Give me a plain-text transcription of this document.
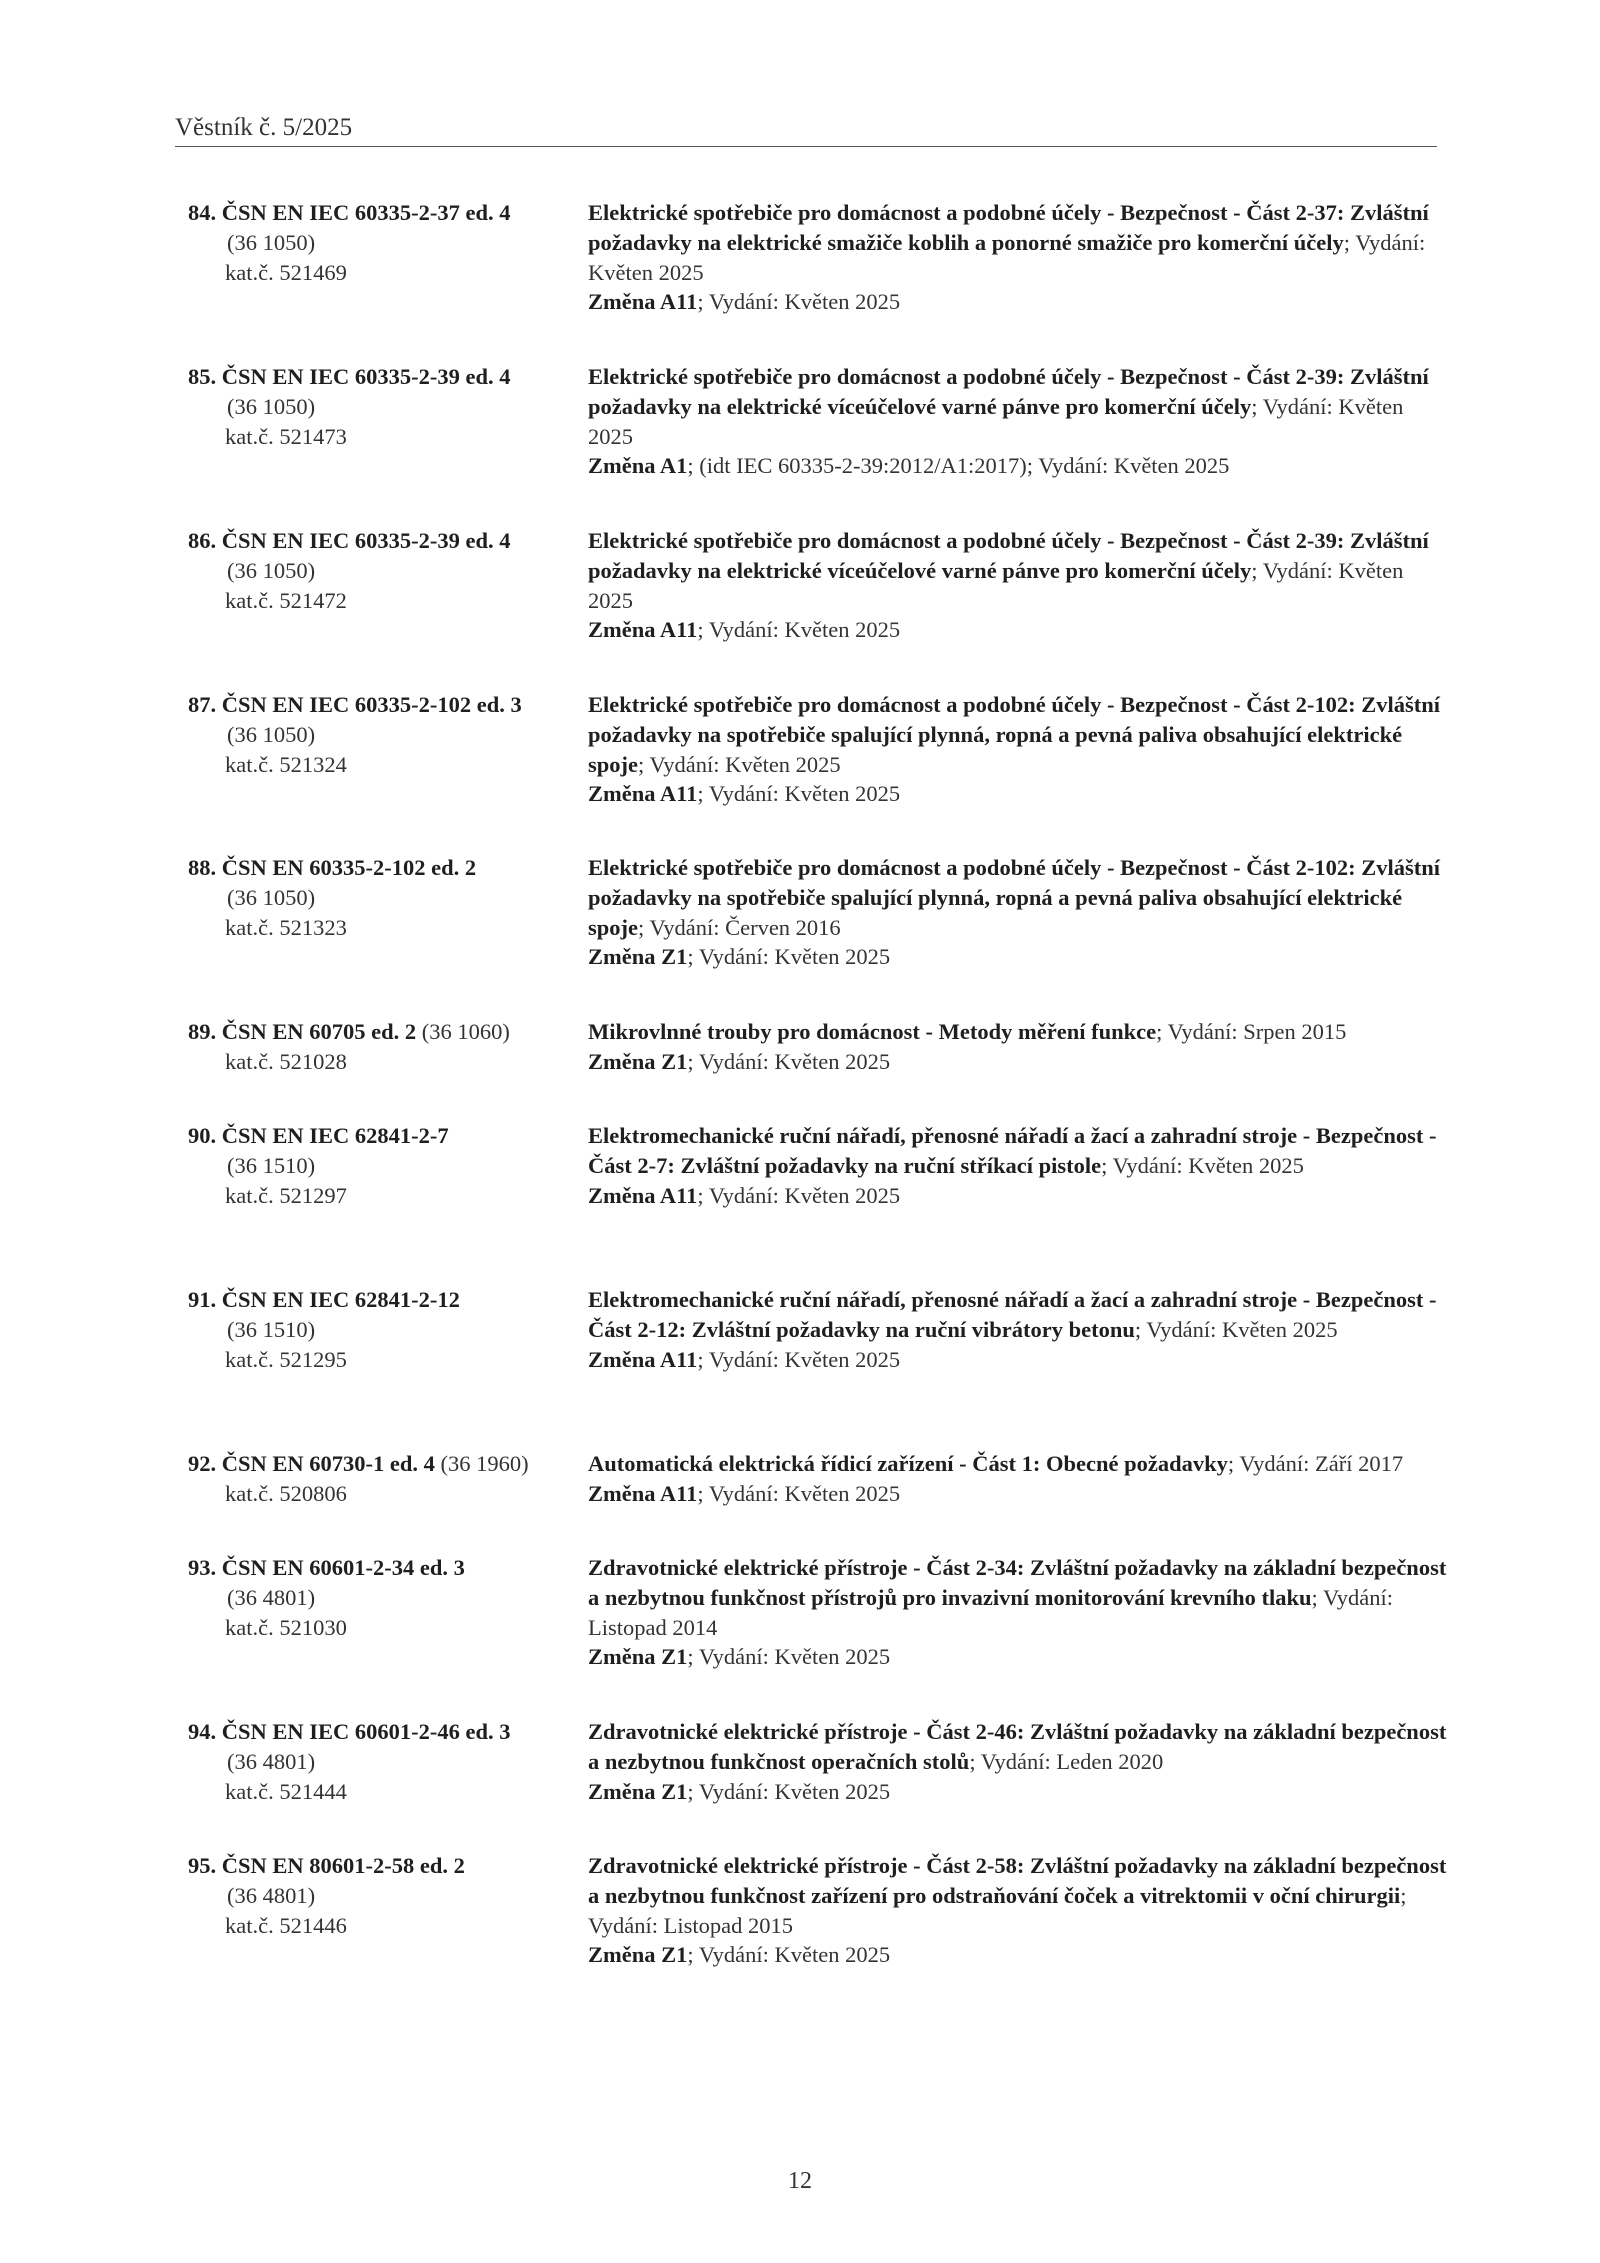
Věstník č. 5/2025
84. ČSN EN IEC 60335-2-37 ed. 4
(36 1050)
kat.č. 521469
Elektrické spotřebiče pro domácnost a podobné účely - Bezpečnost - Část 2-37: Zvláštní požadavky na elektrické smažiče koblih a ponorné smažiče pro komerční účely; Vydání: Květen 2025
Změna A11; Vydání: Květen 2025
85. ČSN EN IEC 60335-2-39 ed. 4
(36 1050)
kat.č. 521473
Elektrické spotřebiče pro domácnost a podobné účely - Bezpečnost - Část 2-39: Zvláštní požadavky na elektrické víceúčelové varné pánve pro komerční účely; Vydání: Květen 2025
Změna A1; (idt IEC 60335-2-39:2012/A1:2017); Vydání: Květen 2025
86. ČSN EN IEC 60335-2-39 ed. 4
(36 1050)
kat.č. 521472
Elektrické spotřebiče pro domácnost a podobné účely - Bezpečnost - Část 2-39: Zvláštní požadavky na elektrické víceúčelové varné pánve pro komerční účely; Vydání: Květen 2025
Změna A11; Vydání: Květen 2025
87. ČSN EN IEC 60335-2-102 ed. 3
(36 1050)
kat.č. 521324
Elektrické spotřebiče pro domácnost a podobné účely - Bezpečnost - Část 2-102: Zvláštní požadavky na spotřebiče spalující plynná, ropná a pevná paliva obsahující elektrické spoje; Vydání: Květen 2025
Změna A11; Vydání: Květen 2025
88. ČSN EN 60335-2-102 ed. 2
(36 1050)
kat.č. 521323
Elektrické spotřebiče pro domácnost a podobné účely - Bezpečnost - Část 2-102: Zvláštní požadavky na spotřebiče spalující plynná, ropná a pevná paliva obsahující elektrické spoje; Vydání: Červen 2016
Změna Z1; Vydání: Květen 2025
89. ČSN EN 60705 ed. 2 (36 1060)
kat.č. 521028
Mikrovlnné trouby pro domácnost - Metody měření funkce; Vydání: Srpen 2015
Změna Z1; Vydání: Květen 2025
90. ČSN EN IEC 62841-2-7
(36 1510)
kat.č. 521297
Elektromechanické ruční nářadí, přenosné nářadí a žací a zahradní stroje - Bezpečnost - Část 2-7: Zvláštní požadavky na ruční stříkací pistole; Vydání: Květen 2025
Změna A11; Vydání: Květen 2025
91. ČSN EN IEC 62841-2-12
(36 1510)
kat.č. 521295
Elektromechanické ruční nářadí, přenosné nářadí a žací a zahradní stroje - Bezpečnost - Část 2-12: Zvláštní požadavky na ruční vibrátory betonu; Vydání: Květen 2025
Změna A11; Vydání: Květen 2025
92. ČSN EN 60730-1 ed. 4 (36 1960)
kat.č. 520806
Automatická elektrická řídicí zařízení - Část 1: Obecné požadavky; Vydání: Září 2017
Změna A11; Vydání: Květen 2025
93. ČSN EN 60601-2-34 ed. 3
(36 4801)
kat.č. 521030
Zdravotnické elektrické přístroje - Část 2-34: Zvláštní požadavky na základní bezpečnost a nezbytnou funkčnost přístrojů pro invazivní monitorování krevního tlaku; Vydání: Listopad 2014
Změna Z1; Vydání: Květen 2025
94. ČSN EN IEC 60601-2-46 ed. 3
(36 4801)
kat.č. 521444
Zdravotnické elektrické přístroje - Část 2-46: Zvláštní požadavky na základní bezpečnost a nezbytnou funkčnost operačních stolů; Vydání: Leden 2020
Změna Z1; Vydání: Květen 2025
95. ČSN EN 80601-2-58 ed. 2
(36 4801)
kat.č. 521446
Zdravotnické elektrické přístroje - Část 2-58: Zvláštní požadavky na základní bezpečnost a nezbytnou funkčnost zařízení pro odstraňování čoček a vitrektomii v oční chirurgii; Vydání: Listopad 2015
Změna Z1; Vydání: Květen 2025
12
